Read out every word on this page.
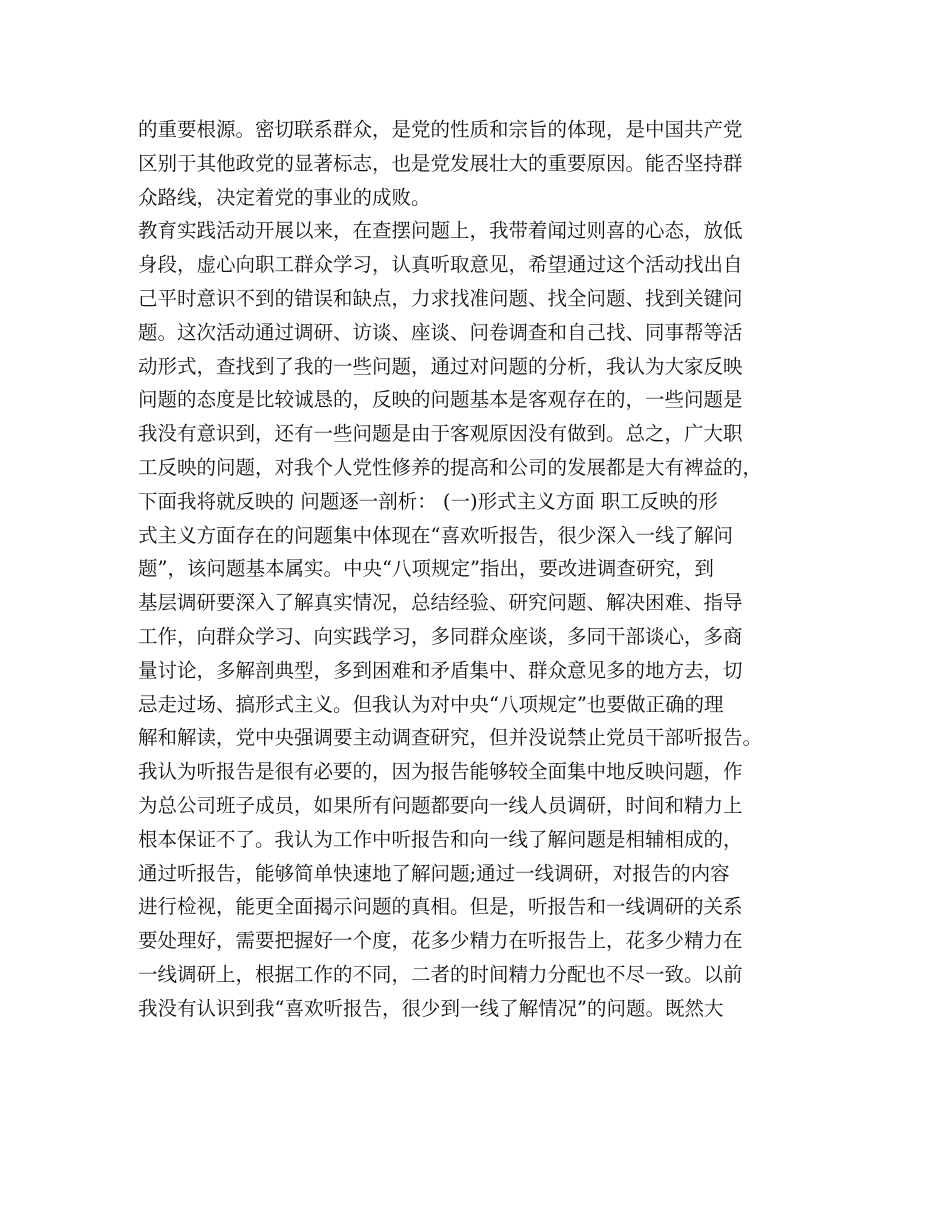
的重要根源。密切联系群众，是党的性质和宗旨的体现，是中国共产党
区别于其他政党的显著标志，也是党发展壮大的重要原因。能否坚持群
众路线，决定着党的事业的成败。
教育实践活动开展以来，在查摆问题上，我带着闻过则喜的心态，放低
身段，虚心向职工群众学习，认真听取意见，希望通过这个活动找出自
己平时意识不到的错误和缺点，力求找准问题、找全问题、找到关键问
题。这次活动通过调研、访谈、座谈、问卷调查和自己找、同事帮等活
动形式，查找到了我的一些问题，通过对问题的分析，我认为大家反映
问题的态度是比较诚恳的，反映的问题基本是客观存在的，一些问题是
我没有意识到，还有一些问题是由于客观原因没有做到。总之，广大职
工反映的问题，对我个人党性修养的提高和公司的发展都是大有裨益的，
下面我将就反映的 问题逐一剖析： (一)形式主义方面 职工反映的形
式主义方面存在的问题集中体现在“喜欢听报告，很少深入一线了解问
题”，该问题基本属实。中央“八项规定”指出，要改进调查研究，到
基层调研要深入了解真实情况，总结经验、研究问题、解决困难、指导
工作，向群众学习、向实践学习，多同群众座谈，多同干部谈心，多商
量讨论，多解剖典型，多到困难和矛盾集中、群众意见多的地方去，切
忌走过场、搞形式主义。但我认为对中央“八项规定”也要做正确的理
解和解读，党中央强调要主动调查研究，但并没说禁止党员干部听报告。
我认为听报告是很有必要的，因为报告能够较全面集中地反映问题，作
为总公司班子成员，如果所有问题都要向一线人员调研，时间和精力上
根本保证不了。我认为工作中听报告和向一线了解问题是相辅相成的，
通过听报告，能够简单快速地了解问题;通过一线调研，对报告的内容
进行检视，能更全面揭示问题的真相。但是，听报告和一线调研的关系
要处理好，需要把握好一个度，花多少精力在听报告上，花多少精力在
一线调研上，根据工作的不同，二者的时间精力分配也不尽一致。以前
我没有认识到我“喜欢听报告，很少到一线了解情况”的问题。既然大
